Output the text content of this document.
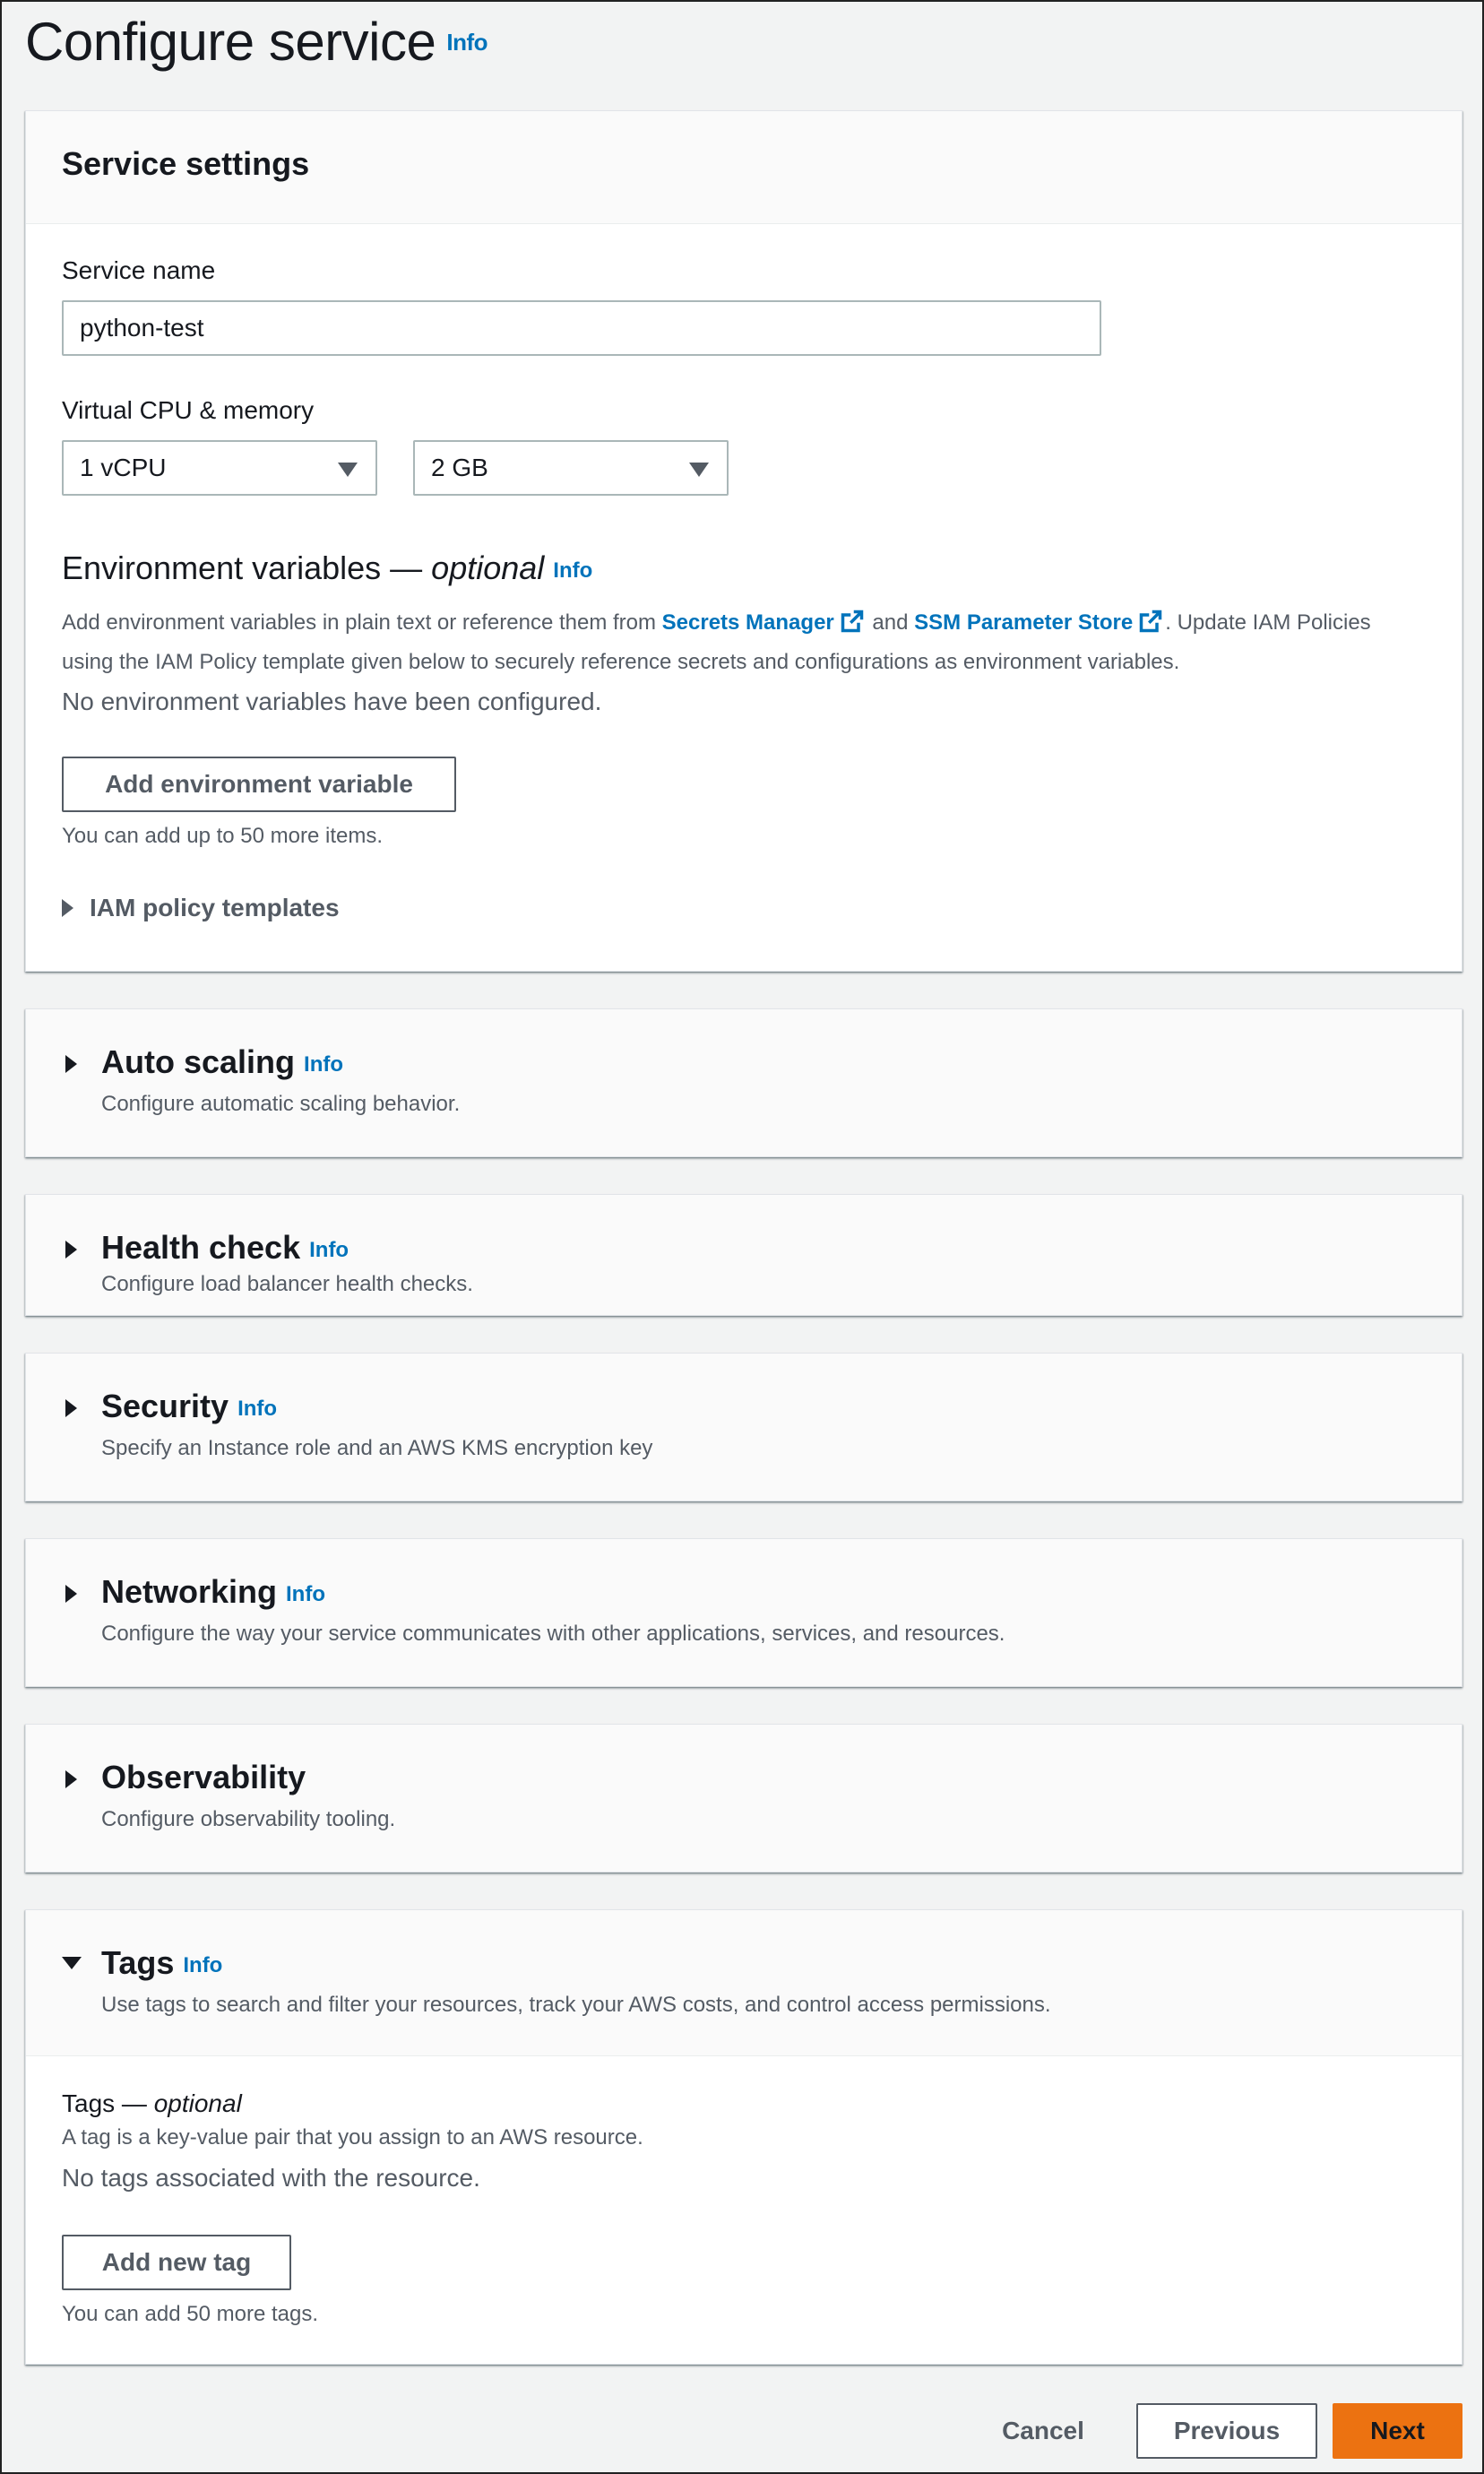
Configure service Info
Service settings
Service name
python-test
Virtual CPU & memory
1 vCPU	2 GB
Environment variables — optional Info
Add environment variables in plain text or reference them from Secrets Manager and SSM Parameter Store . Update IAM Policies
using the IAM Policy template given below to securely reference secrets and configurations as environment variables.
No environment variables have been configured.
Add environment variable
You can add up to 50 more items.
IAM policy templates
Auto scaling Info
Configure automatic scaling behavior.
Health check Info
Configure load balancer health checks.
Security Info
Specify an Instance role and an AWS KMS encryption key
Networking Info
Configure the way your service communicates with other applications, services, and resources.
Observability
Configure observability tooling.
Tags Info
Use tags to search and filter your resources, track your AWS costs, and control access permissions.
Tags — optional
A tag is a key-value pair that you assign to an AWS resource.
No tags associated with the resource.
Add new tag
You can add 50 more tags.
Cancel	Previous	Next
